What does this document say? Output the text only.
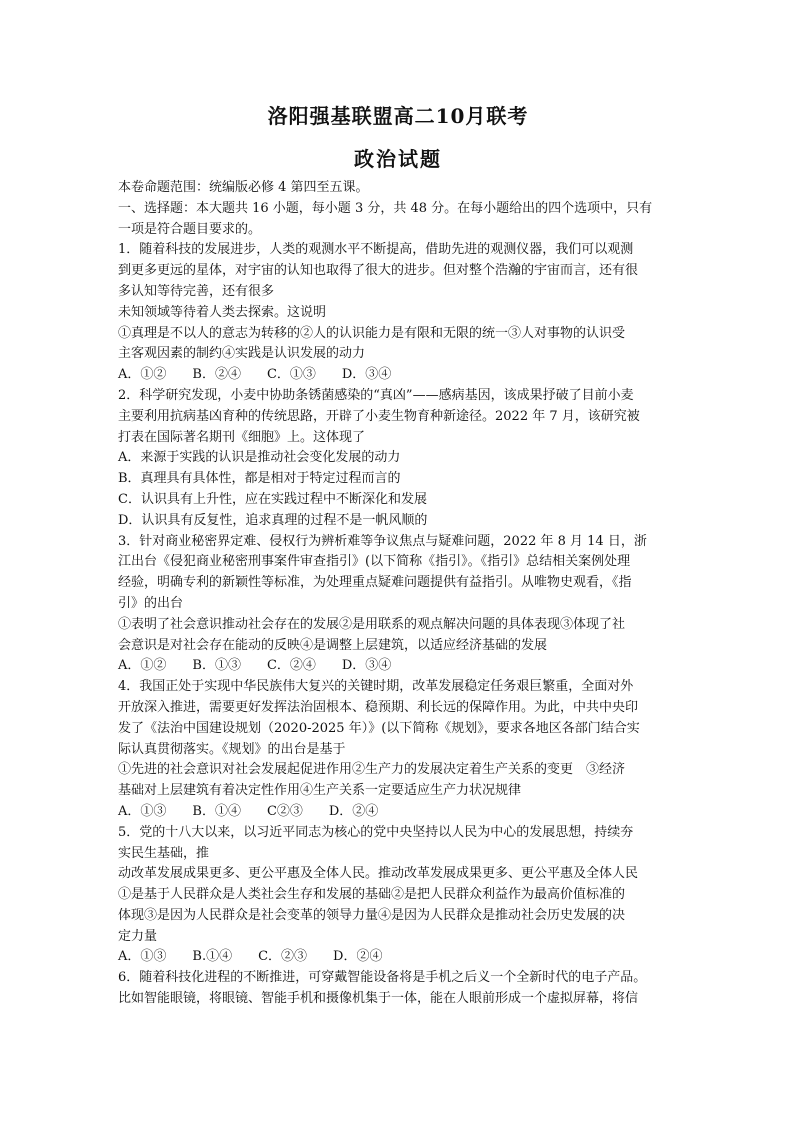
洛阳强基联盟高二10月联考
政治试题
本卷命题范围：统编版必修 4 第四至五课。
一、选择题：本大题共 16 小题，每小题 3 分，共 48 分。在每小题给出的四个选项中，只有
一项是符合题目要求的。
1．随着科技的发展进步，人类的观测水平不断提高，借助先进的观测仪器，我们可以观测
到更多更远的星体，对宇宙的认知也取得了很大的进步。但对整个浩瀚的宇宙而言，还有很
多认知等待完善，还有很多
未知领域等待着人类去探索。这说明
①真理是不以人的意志为转移的②人的认识能力是有限和无限的统一③人对事物的认识受
主客观因素的制约④实践是认识发展的动力
A．①②　　B．②④　　C．①③　　D．③④
2．科学研究发现，小麦中协助条锈菌感染的“真凶”——感病基因，该成果抒破了目前小麦
主要利用抗病基凶育种的传统思路，开辟了小麦生物育种新途径。2022 年 7 月，该研究被
打表在国际著名期刊《细胞》上。这体现了
A．来源于实践的认识是推动社会变化发展的动力
B．真理具有具体性，都是相对于特定过程而言的
C．认识具有上升性，应在实践过程中不断深化和发展
D．认识具有反复性，追求真理的过程不是一帆风顺的
3．针对商业秘密界定难、侵权行为辨析难等争议焦点与疑难问题，2022 年 8 月 14 日，浙
江出台《侵犯商业秘密刑事案件审查指引》(以下简称《指引》。《指引》总结相关案例处理
经验，明确专利的新颖性等标准，为处理重点疑难问题提供有益指引。从唯物史观看，《指
引》的出台
①表明了社会意识推动社会存在的发展②是用联系的观点解决问题的具体表现③体现了社
会意识是对社会存在能动的反映④是调整上层建筑，以适应经济基础的发展
A．①②　　B．①③　　C．②④　　D．③④
4．我国正处于实现中华民族伟大复兴的关键时期，改革发展稳定任务艰巨繁重，全面对外
开放深入推进，需要更好发挥法治固根本、稳预期、利长远的保障作用。为此，中共中央印
发了《法治中国建设规划（2020-2025 年）》(以下简称《规划》，要求各地区各部门结合实
际认真贯彻落实。《规划》的出台是基于
①先进的社会意识对社会发展起促进作用②生产力的发展决定着生产关系的变更　③经济
基础对上层建筑有着决定性作用④生产关系一定要适应生产力状况规律
A．①③　　B．①④　　C②③　　D．②④
5．党的十八大以来，以习近平同志为核心的党中央坚持以人民为中心的发展思想，持续夯
实民生基础，推
动改革发展成果更多、更公平惠及全体人民。推动改革发展成果更多、更公平惠及全体人民
①是基于人民群众是人类社会生存和发展的基础②是把人民群众利益作为最高价值标准的
体现③是因为人民群众是社会变革的领导力量④是因为人民群众是推动社会历史发展的决
定力量
A．①③　　B.①④　　C．②③　　D．②④
6．随着科技化进程的不断推进，可穿戴智能设备将是手机之后义一个全新时代的电子产品。
比如智能眼镜，将眼镜、智能手机和摄像机集于一体，能在人眼前形成一个虚拟屏幕，将信
